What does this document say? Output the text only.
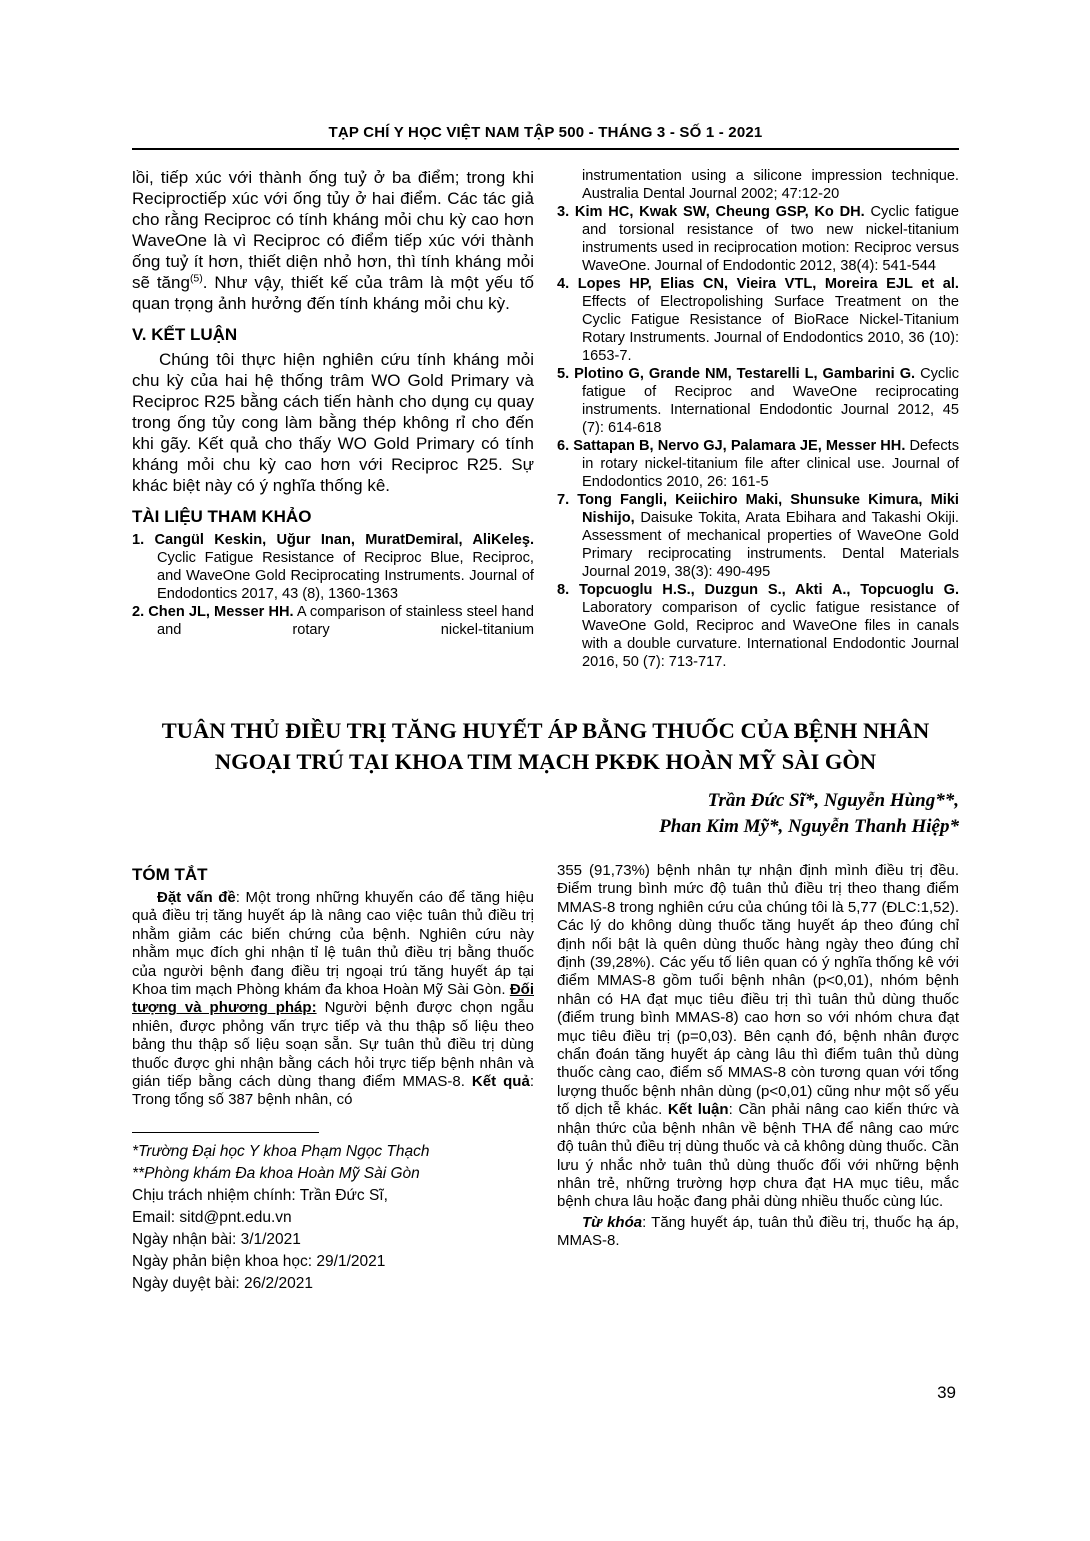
TẠP CHÍ Y HỌC VIỆT NAM TẬP 500 - THÁNG 3 - SỐ 1 - 2021

lồi, tiếp xúc với thành ống tuỷ ở ba điểm; trong khi Reciproctiếp xúc với ống tủy ở hai điểm. Các tác giả cho rằng Reciproc có tính kháng mỏi chu kỳ cao hơn WaveOne là vì Reciproc có điểm tiếp xúc với thành ống tuỷ ít hơn, thiết diện nhỏ hơn, thì tính kháng mỏi sẽ tăng$^{(5)}$. Như vậy, thiết kế của trâm là một yếu tố quan trọng ảnh hưởng đến tính kháng mỏi chu kỳ.

V. KẾT LUẬN

Chúng tôi thực hiện nghiên cứu tính kháng mỏi chu kỳ của hai hệ thống trâm WO Gold Primary và Reciproc R25 bằng cách tiến hành cho dụng cụ quay trong ống tủy cong làm bằng thép không rỉ cho đến khi gãy. Kết quả cho thấy WO Gold Primary có tính kháng mỏi chu kỳ cao hơn với Reciproc R25. Sự khác biệt này có ý nghĩa thống kê.

TÀI LIỆU THAM KHẢO
1. Cangül Keskin, Uğur Inan, MuratDemiral, AliKeleş. Cyclic Fatigue Resistance of Reciproc Blue, Reciproc, and WaveOne Gold Reciprocating Instruments. Journal of Endodontics 2017, 43 (8), 1360-1363
2. Chen JL, Messer HH. A comparison of stainless steel hand and rotary nickel-titanium
instrumentation using a silicone impression technique. Australia Dental Journal 2002; 47:12-20
3. Kim HC, Kwak SW, Cheung GSP, Ko DH. Cyclic fatigue and torsional resistance of two new nickel-titanium instruments used in reciprocation motion: Reciproc versus WaveOne. Journal of Endodontic 2012, 38(4): 541-544
4. Lopes HP, Elias CN, Vieira VTL, Moreira EJL et al. Effects of Electropolishing Surface Treatment on the Cyclic Fatigue Resistance of BioRace Nickel-Titanium Rotary Instruments. Journal of Endodontics 2010, 36 (10): 1653-7.
5. Plotino G, Grande NM, Testarelli L, Gambarini G. Cyclic fatigue of Reciproc and WaveOne reciprocating instruments. International Endodontic Journal 2012, 45 (7): 614-618
6. Sattapan B, Nervo GJ, Palamara JE, Messer HH. Defects in rotary nickel-titanium file after clinical use. Journal of Endodontics 2010, 26: 161-5
7. Tong Fangli, Keiichiro Maki, Shunsuke Kimura, Miki Nishijo, Daisuke Tokita, Arata Ebihara and Takashi Okiji. Assessment of mechanical properties of WaveOne Gold Primary reciprocating instruments. Dental Materials Journal 2019, 38(3): 490-495
8. Topcuoglu H.S., Duzgun S., Akti A., Topcuoglu G. Laboratory comparison of cyclic fatigue resistance of WaveOne Gold, Reciproc and WaveOne files in canals with a double curvature. International Endodontic Journal 2016, 50 (7): 713-717.
TUÂN THỦ ĐIỀU TRỊ TĂNG HUYẾT ÁP BẰNG THUỐC CỦA BỆNH NHÂN
NGOẠI TRÚ TẠI KHOA TIM MẠCH PKĐK HOÀN MỸ SÀI GÒN
Trần Đức Sĩ*, Nguyễn Hùng**,
Phan Kim Mỹ*, Nguyễn Thanh Hiệp*
TÓM TẮT

Đặt vấn đề: Một trong những khuyến cáo để tăng hiệu quả điều trị tăng huyết áp là nâng cao việc tuân thủ điều trị nhằm giảm các biến chứng của bệnh. Nghiên cứu này nhằm mục đích ghi nhận tỉ lệ tuân thủ điều trị bằng thuốc của người bệnh đang điều trị ngoại trú tăng huyết áp tại Khoa tim mạch Phòng khám đa khoa Hoàn Mỹ Sài Gòn. Đối tượng và phương pháp: Người bệnh được chọn ngẫu nhiên, được phỏng vấn trực tiếp và thu thập số liệu theo bảng thu thập số liệu soạn sẵn. Sự tuân thủ điều trị dùng thuốc được ghi nhận bằng cách hỏi trực tiếp bệnh nhân và gián tiếp bằng cách dùng thang điểm MMAS-8. Kết quả: Trong tổng số 387 bệnh nhân, có

*Trường Đại học Y khoa Phạm Ngọc Thạch
**Phòng khám Đa khoa Hoàn Mỹ Sài Gòn
Chịu trách nhiệm chính: Trần Đức Sĩ,
Email: sitd@pnt.edu.vn
Ngày nhận bài: 3/1/2021
Ngày phản biện khoa học: 29/1/2021
Ngày duyệt bài: 26/2/2021

355 (91,73%) bệnh nhân tự nhận định mình điều trị đều. Điểm trung bình mức độ tuân thủ điều trị theo thang điểm MMAS-8 trong nghiên cứu của chúng tôi là 5,77 (ĐLC:1,52). Các lý do không dùng thuốc tăng huyết áp theo đúng chỉ định nổi bật là quên dùng thuốc hàng ngày theo đúng chỉ định (39,28%). Các yếu tố liên quan có ý nghĩa thống kê với điểm MMAS-8 gồm tuổi bệnh nhân (p<0,01), nhóm bệnh nhân có HA đạt mục tiêu điều trị thì tuân thủ dùng thuốc (điểm trung bình MMAS-8) cao hơn so với nhóm chưa đạt mục tiêu điều trị (p=0,03). Bên cạnh đó, bệnh nhân được chẩn đoán tăng huyết áp càng lâu thì điểm tuân thủ dùng thuốc càng cao, điểm số MMAS-8 còn tương quan với tổng lượng thuốc bệnh nhân dùng (p<0,01) cũng như một số yếu tố dịch tễ khác. Kết luận: Cần phải nâng cao kiến thức và nhận thức của bệnh nhân về bệnh THA để nâng cao mức độ tuân thủ điều trị dùng thuốc và cả không dùng thuốc. Cần lưu ý nhắc nhở tuân thủ dùng thuốc đối với những bệnh nhân trẻ, những trường hợp chưa đạt HA mục tiêu, mắc bệnh chưa lâu hoặc đang phải dùng nhiều thuốc cùng lúc.

Từ khóa: Tăng huyết áp, tuân thủ điều trị, thuốc hạ áp, MMAS-8.

39
